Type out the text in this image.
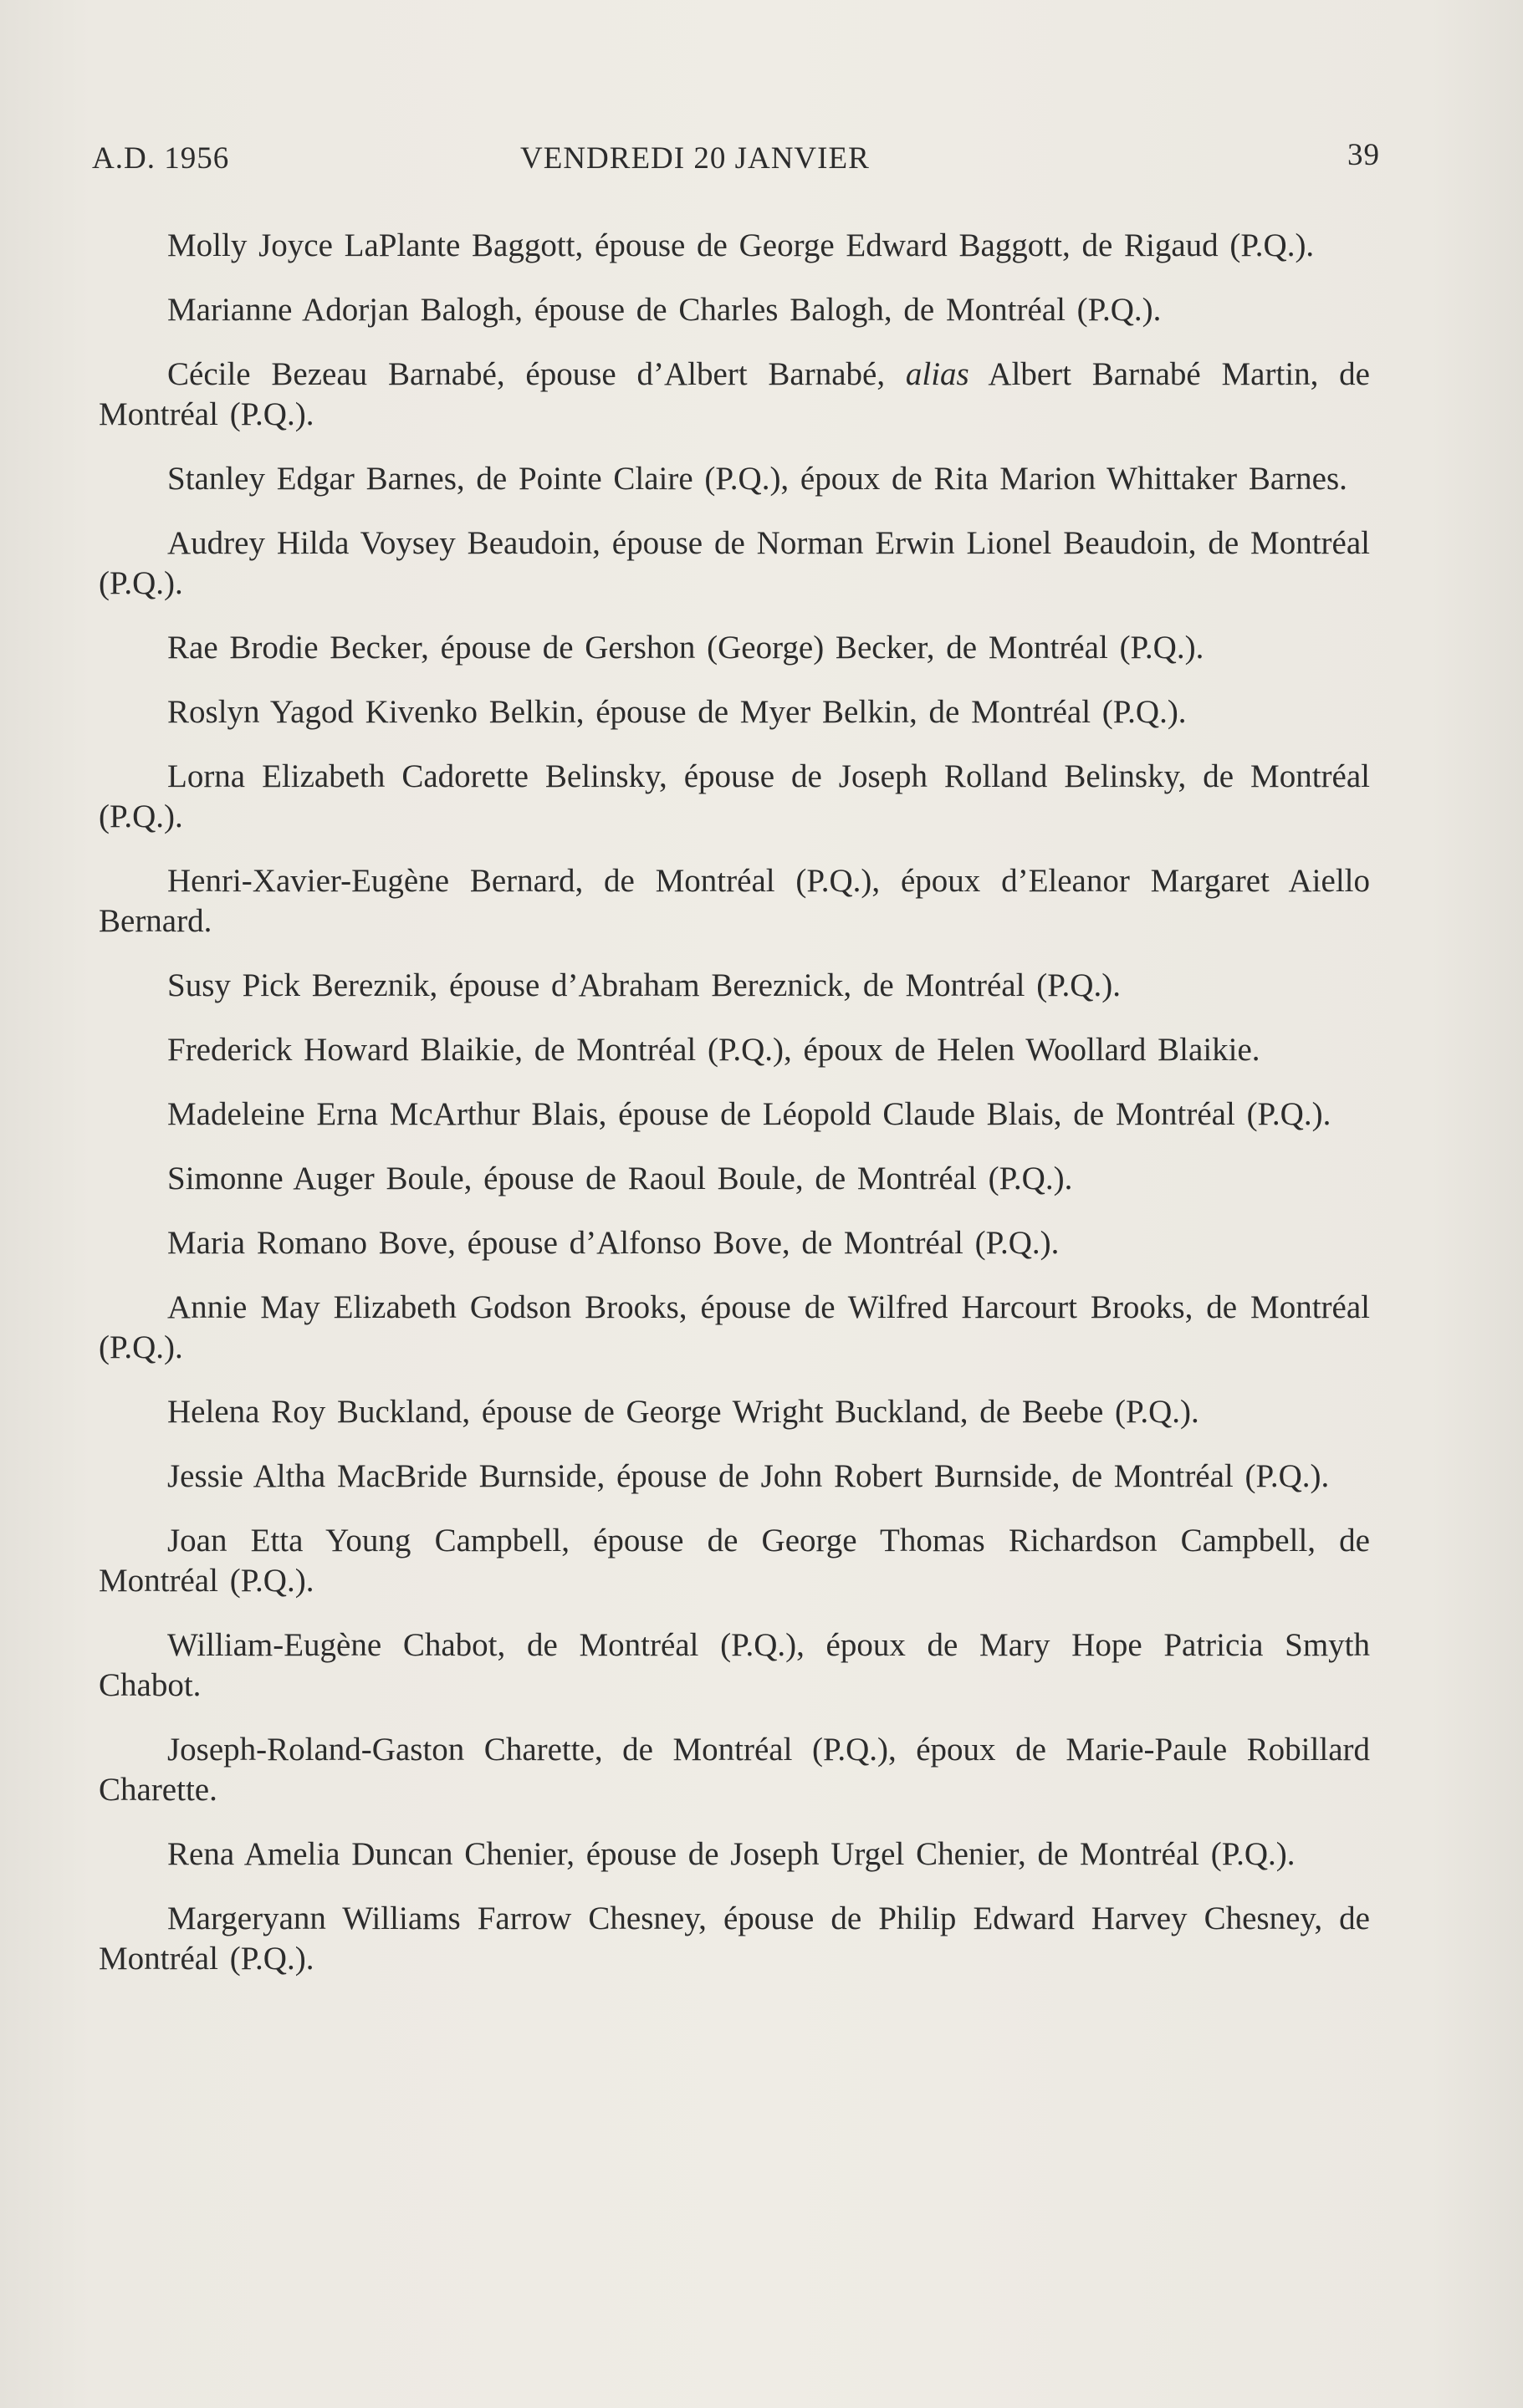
A.D. 1956	VENDREDI 20 JANVIER	39

Molly Joyce LaPlante Baggott, épouse de George Edward Baggott, de Rigaud (P.Q.).

Marianne Adorjan Balogh, épouse de Charles Balogh, de Montréal (P.Q.).

Cécile Bezeau Barnabé, épouse d’Albert Barnabé, alias Albert Barnabé Martin, de Montréal (P.Q.).

Stanley Edgar Barnes, de Pointe Claire (P.Q.), époux de Rita Marion Whittaker Barnes.

Audrey Hilda Voysey Beaudoin, épouse de Norman Erwin Lionel Beaudoin, de Montréal (P.Q.).

Rae Brodie Becker, épouse de Gershon (George) Becker, de Montréal (P.Q.).

Roslyn Yagod Kivenko Belkin, épouse de Myer Belkin, de Montréal (P.Q.).

Lorna Elizabeth Cadorette Belinsky, épouse de Joseph Rolland Belinsky, de Montréal (P.Q.).

Henri-Xavier-Eugène Bernard, de Montréal (P.Q.), époux d’Eleanor Margaret Aiello Bernard.

Susy Pick Bereznik, épouse d’Abraham Bereznick, de Montréal (P.Q.).

Frederick Howard Blaikie, de Montréal (P.Q.), époux de Helen Woollard Blaikie.

Madeleine Erna McArthur Blais, épouse de Léopold Claude Blais, de Montréal (P.Q.).

Simonne Auger Boule, épouse de Raoul Boule, de Montréal (P.Q.).

Maria Romano Bove, épouse d’Alfonso Bove, de Montréal (P.Q.).

Annie May Elizabeth Godson Brooks, épouse de Wilfred Harcourt Brooks, de Montréal (P.Q.).

Helena Roy Buckland, épouse de George Wright Buckland, de Beebe (P.Q.).

Jessie Altha MacBride Burnside, épouse de John Robert Burnside, de Montréal (P.Q.).

Joan Etta Young Campbell, épouse de George Thomas Richardson Campbell, de Montréal (P.Q.).

William-Eugène Chabot, de Montréal (P.Q.), époux de Mary Hope Patricia Smyth Chabot.

Joseph-Roland-Gaston Charette, de Montréal (P.Q.), époux de Marie-Paule Robillard Charette.

Rena Amelia Duncan Chenier, épouse de Joseph Urgel Chenier, de Montréal (P.Q.).

Margeryann Williams Farrow Chesney, épouse de Philip Edward Harvey Chesney, de Montréal (P.Q.).
